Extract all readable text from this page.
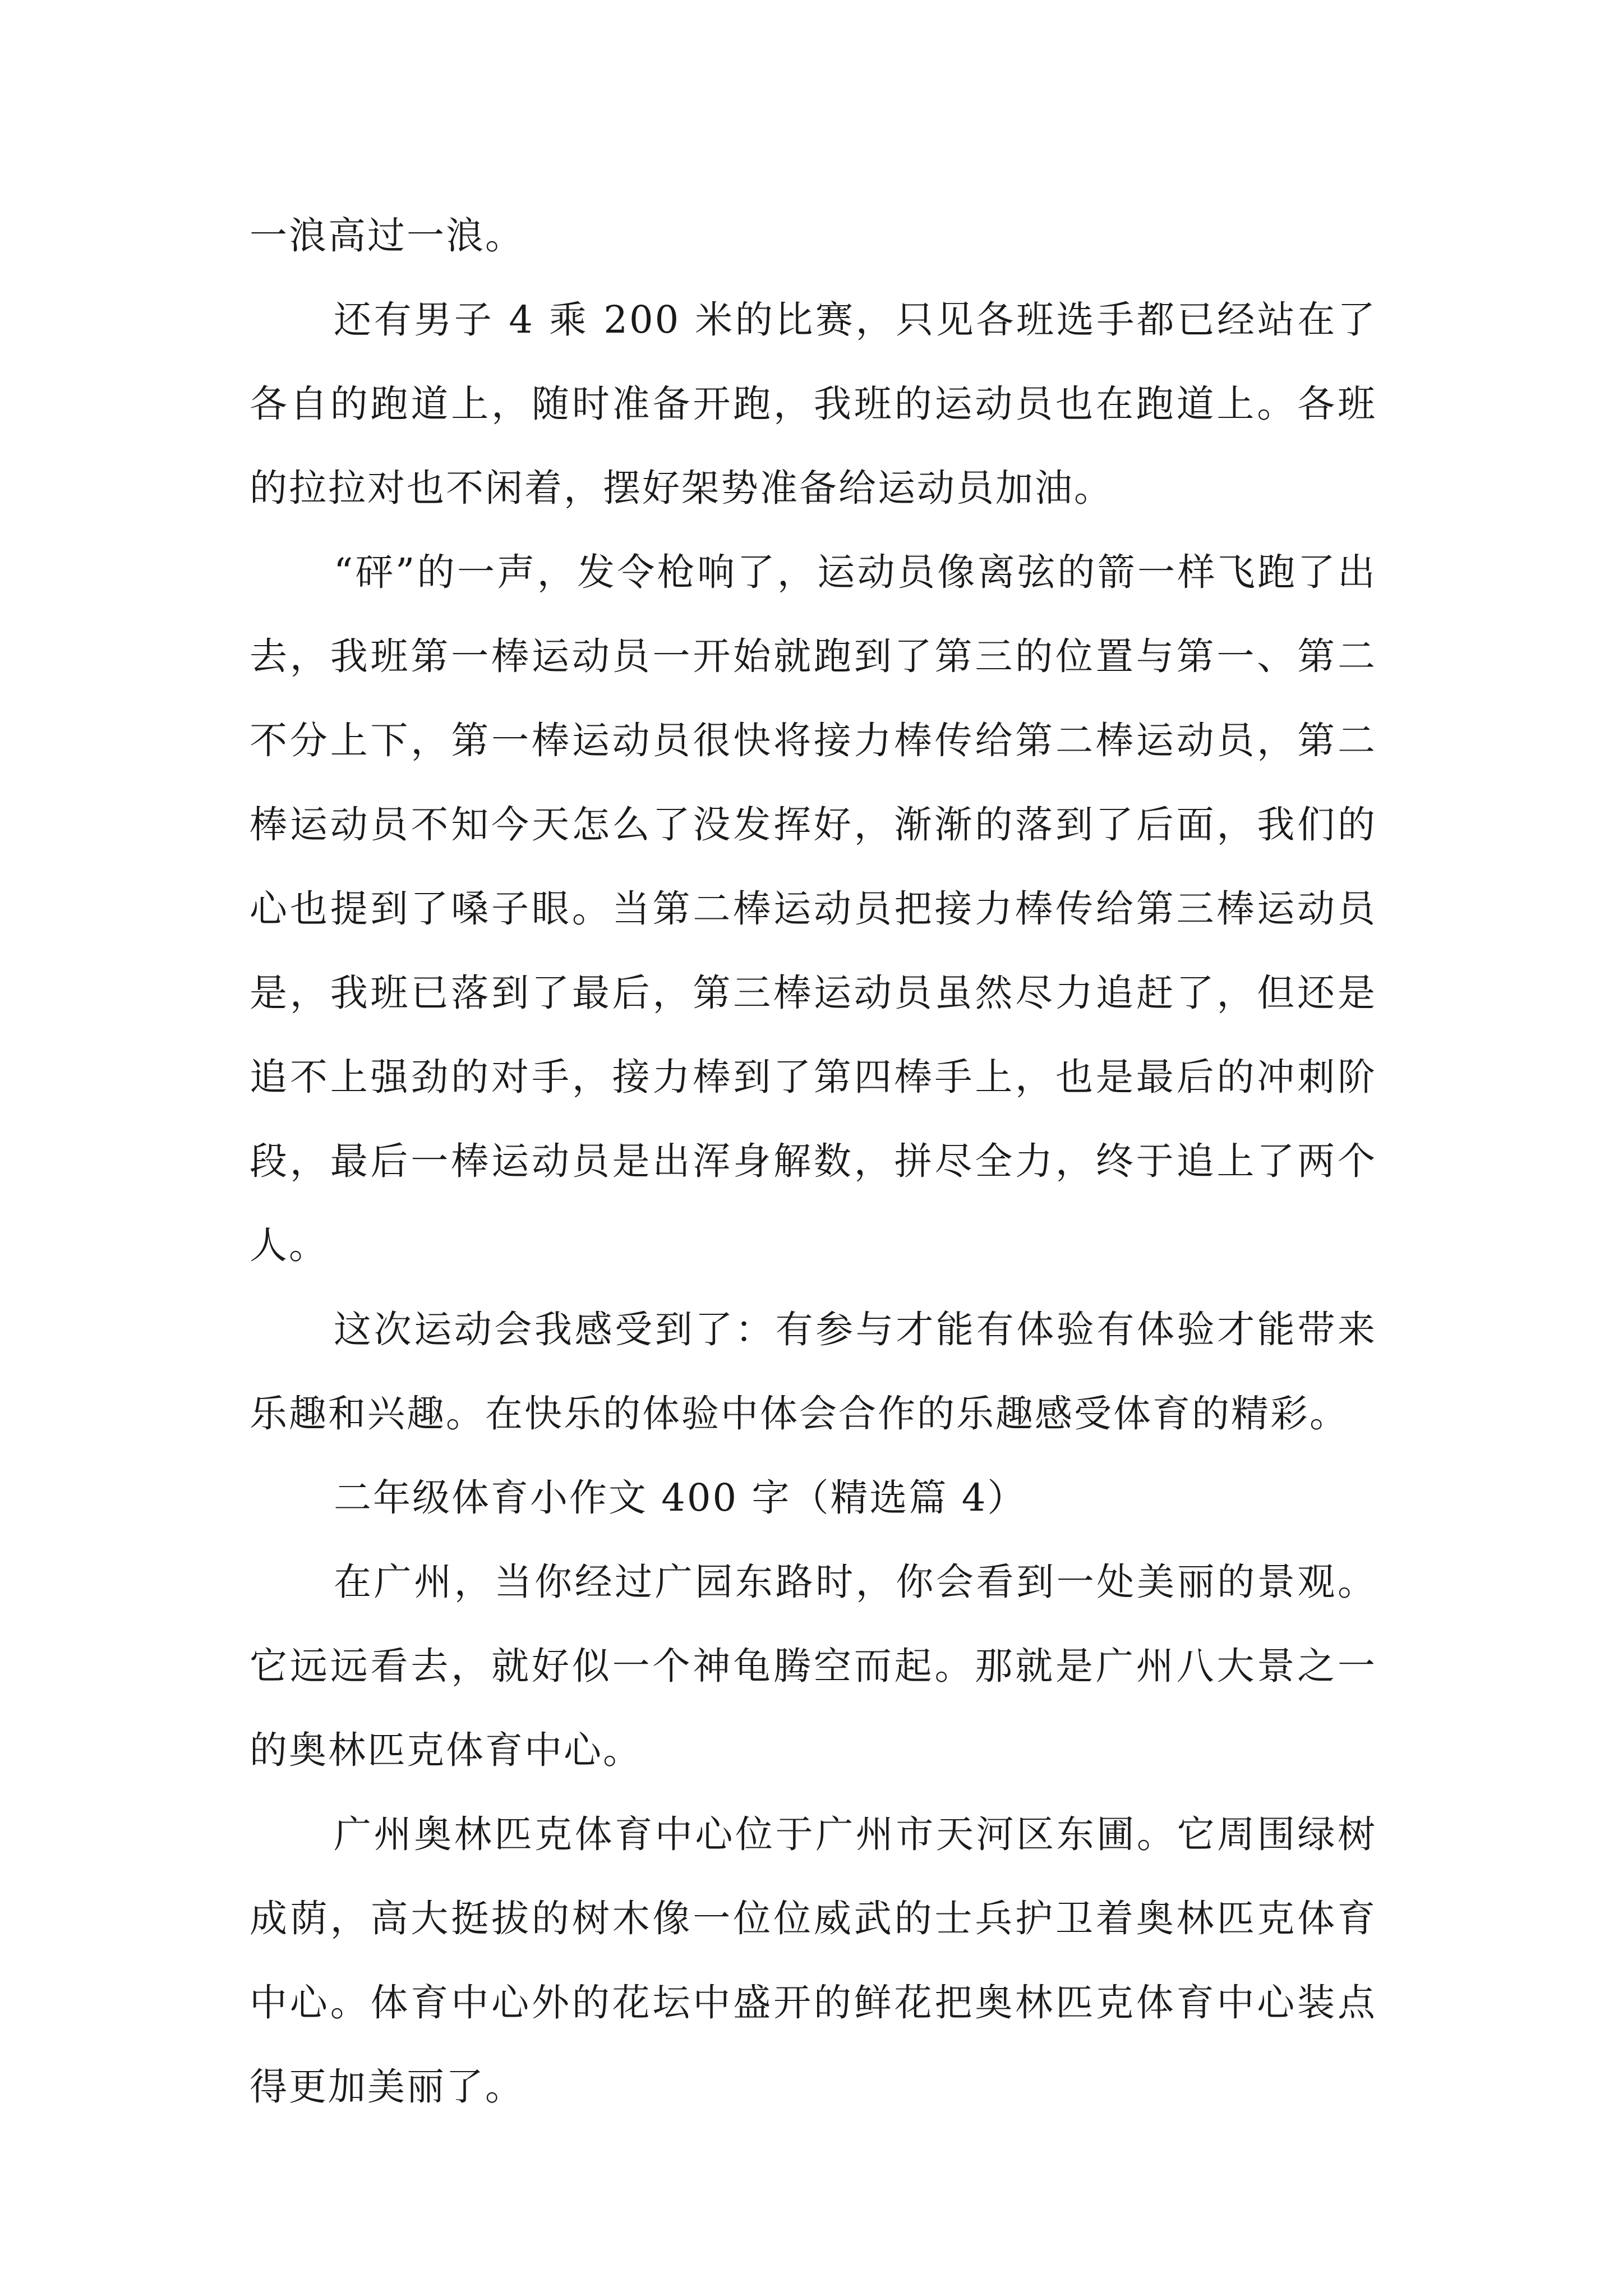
一浪高过一浪。

还有男子 4 乘 200 米的比赛，只见各班选手都已经站在了各自的跑道上，随时准备开跑，我班的运动员也在跑道上。各班的拉拉对也不闲着，摆好架势准备给运动员加油。

“砰”的一声，发令枪响了，运动员像离弦的箭一样飞跑了出去，我班第一棒运动员一开始就跑到了第三的位置与第一、第二不分上下，第一棒运动员很快将接力棒传给第二棒运动员，第二棒运动员不知今天怎么了没发挥好，渐渐的落到了后面，我们的心也提到了嗓子眼。当第二棒运动员把接力棒传给第三棒运动员是，我班已落到了最后，第三棒运动员虽然尽力追赶了，但还是追不上强劲的对手，接力棒到了第四棒手上，也是最后的冲刺阶段，最后一棒运动员是出浑身解数，拼尽全力，终于追上了两个人。

这次运动会我感受到了：有参与才能有体验有体验才能带来乐趣和兴趣。在快乐的体验中体会合作的乐趣感受体育的精彩。

二年级体育小作文 400 字（精选篇 4）

在广州，当你经过广园东路时，你会看到一处美丽的景观。它远远看去，就好似一个神龟腾空而起。那就是广州八大景之一的奥林匹克体育中心。

广州奥林匹克体育中心位于广州市天河区东圃。它周围绿树成荫，高大挺拔的树木像一位位威武的士兵护卫着奥林匹克体育中心。体育中心外的花坛中盛开的鲜花把奥林匹克体育中心装点得更加美丽了。
